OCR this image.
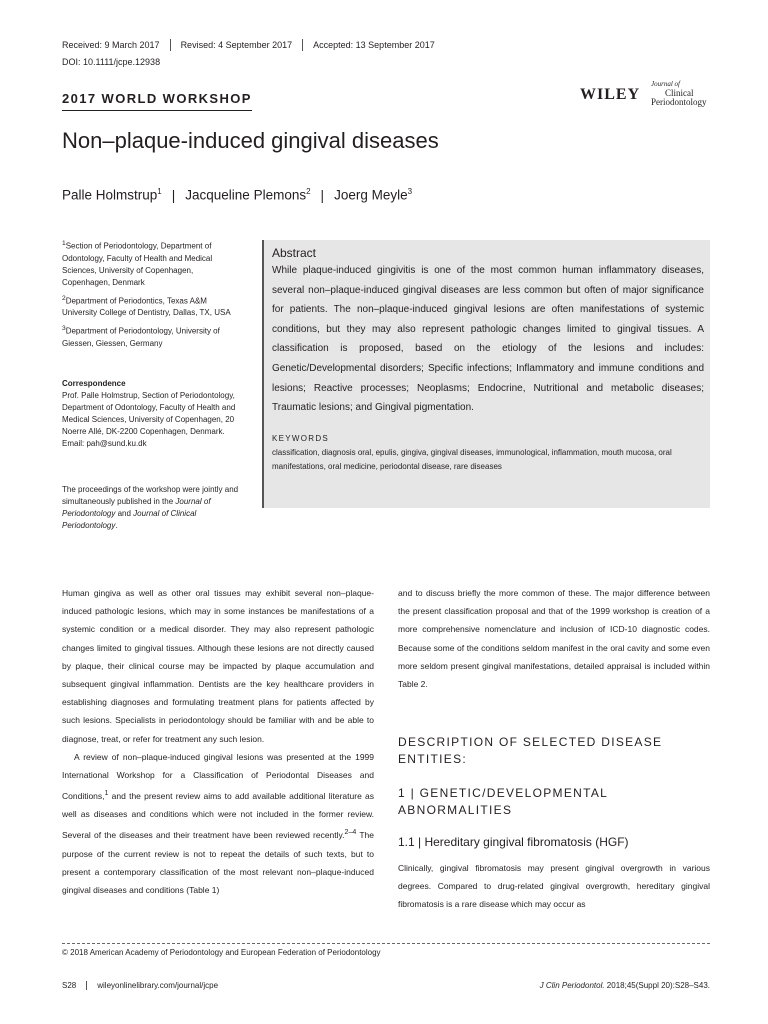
Received: 9 March 2017	Revised: 4 September 2017	Accepted: 13 September 2017
DOI: 10.1111/jcpe.12938
2017 WORLD WORKSHOP	WILEY
Journal of
Clinical
Periodontology
Non–plaque-induced gingival diseases
Palle Holmstrup$^1$ | Jacqueline Plemons$^2$ | Joerg Meyle$^3$

$^1$Section of Periodontology, Department of Odontology, Faculty of Health and Medical Sciences, University of Copenhagen, Copenhagen, Denmark

$^2$Department of Periodontics, Texas A&M University College of Dentistry, Dallas, TX, USA

$^3$Department of Periodontology, University of Giessen, Giessen, Germany

Correspondence
Prof. Palle Holmstrup, Section of Periodontology, Department of Odontology, Faculty of Health and Medical Sciences, University of Copenhagen, 20 Noerre Allé, DK-2200 Copenhagen, Denmark.
Email: pah@sund.ku.dk
The proceedings of the workshop were jointly and simultaneously published in the Journal of Periodontology and Journal of Clinical Periodontology.
Abstract
While plaque-induced gingivitis is one of the most common human inflammatory diseases, several non–plaque-induced gingival diseases are less common but often of major significance for patients. The non–plaque-induced gingival lesions are often manifestations of systemic conditions, but they may also represent pathologic changes limited to gingival tissues. A classification is proposed, based on the etiology of the lesions and includes: Genetic/Developmental disorders; Specific infections; Inflammatory and immune conditions and lesions; Reactive processes; Neoplasms; Endocrine, Nutritional and metabolic diseases; Traumatic lesions; and Gingival pigmentation.
KEYWORDS
classification, diagnosis oral, epulis, gingiva, gingival diseases, immunological, inflammation, mouth mucosa, oral manifestations, oral medicine, periodontal disease, rare diseases

Human gingiva as well as other oral tissues may exhibit several non–plaque-induced pathologic lesions, which may in some instances be manifestations of a systemic condition or a medical disorder. They may also represent pathologic changes limited to gingival tissues. Although these lesions are not directly caused by plaque, their clinical course may be impacted by plaque accumulation and subsequent gingival inflammation. Dentists are the key healthcare providers in establishing diagnoses and formulating treatment plans for patients affected by such lesions. Specialists in periodontology should be familiar with and be able to diagnose, treat, or refer for treatment any such lesion.

A review of non–plaque-induced gingival lesions was presented at the 1999 International Workshop for a Classification of Periodontal Diseases and Conditions,$^1$ and the present review aims to add available additional literature as well as diseases and conditions which were not included in the former review. Several of the diseases and their treatment have been reviewed recently.$^{2-4}$ The purpose of the current review is not to repeat the details of such texts, but to present a contemporary classification of the most relevant non–plaque-induced gingival diseases and conditions (Table 1)

and to discuss briefly the more common of these. The major difference between the present classification proposal and that of the 1999 workshop is creation of a more comprehensive nomenclature and inclusion of ICD-10 diagnostic codes. Because some of the conditions seldom manifest in the oral cavity and some even more seldom present gingival manifestations, detailed appraisal is included within Table 2.

DESCRIPTION OF SELECTED DISEASE ENTITIES:
1 | GENETIC/DEVELOPMENTAL ABNORMALITIES
1.1 | Hereditary gingival fibromatosis (HGF)

Clinically, gingival fibromatosis may present gingival overgrowth in various degrees. Compared to drug-related gingival overgrowth, hereditary gingival fibromatosis is a rare disease which may occur as

© 2018 American Academy of Periodontology and European Federation of Periodontology
S28	wileyonlinelibrary.com/journal/jcpe	J Clin Periodontol. 2018;45(Suppl 20):S28–S43.
